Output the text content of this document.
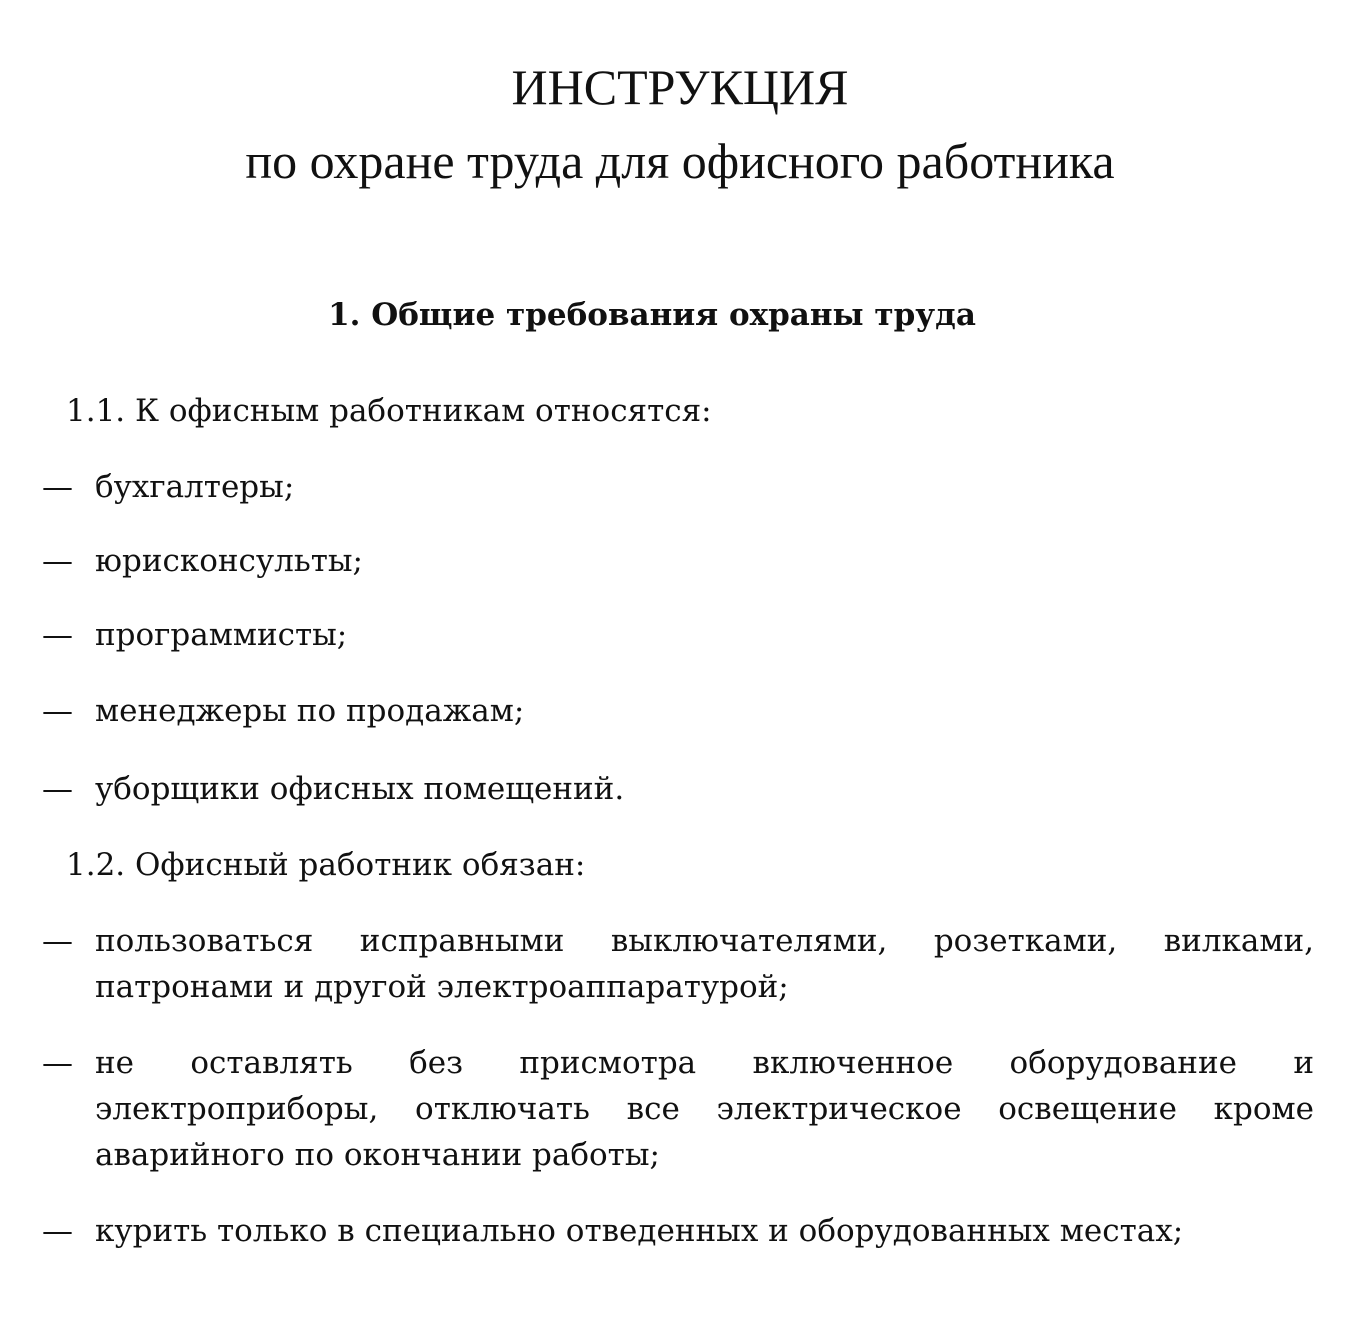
ИНСТРУКЦИЯ
по охране труда для офисного работника
1. Общие требования охраны труда
1.1. К офисным работникам относятся:
— бухгалтеры;
— юрисконсульты;
— программисты;
— менеджеры по продажам;
— уборщики офисных помещений.
1.2. Офисный работник обязан:
— пользоваться исправными выключателями, розетками, вилками, патронами и другой электроаппаратурой;
— не оставлять без присмотра включенное оборудование и электроприборы, отключать все электрическое освещение кроме аварийного по окончании работы;
— курить только в специально отведенных и оборудованных местах;
